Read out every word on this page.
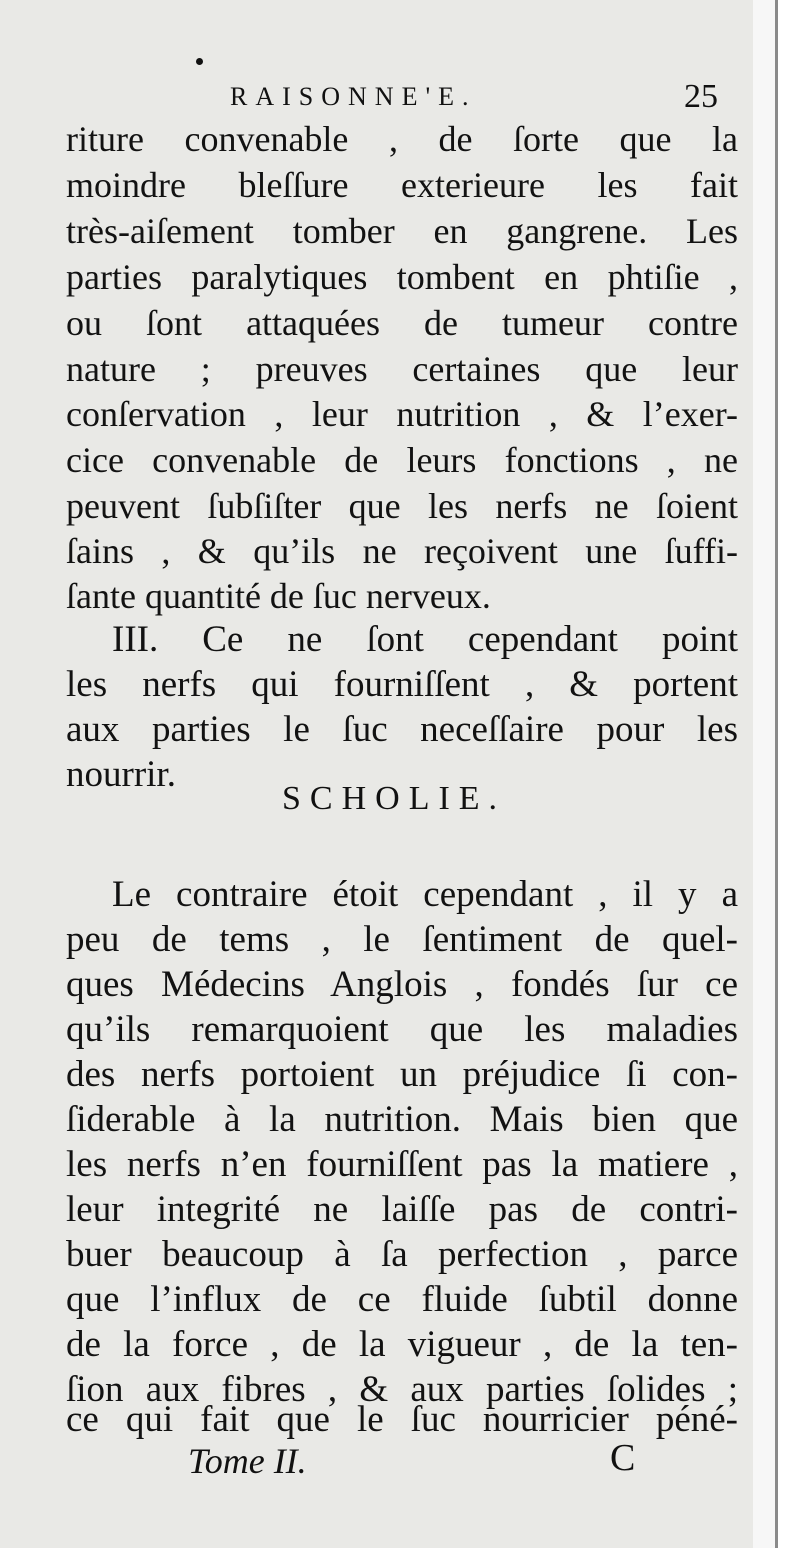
RAISONNE'E.	25
riture convenable , de ſorte que la
moindre bleſſure exterieure les fait
très-aiſement tomber en gangrene. Les
parties paralytiques tombent en phtiſie ,
ou ſont attaquées de tumeur contre
nature ; preuves certaines que leur
conſervation , leur nutrition , & l’exer-
cice convenable de leurs fonctions , ne
peuvent ſubſiſter que les nerfs ne ſoient
ſains , & qu’ils ne reçoivent une ſuffi-
ſante quantité de ſuc nerveux.
III. Ce ne ſont cependant point
les nerfs qui fourniſſent , & portent
aux parties le ſuc neceſſaire pour les
nourrir.
SCHOLIE.
Le contraire étoit cependant , il y a
peu de tems , le ſentiment de quel-
ques Médecins Anglois , fondés ſur ce
qu’ils remarquoient que les maladies
des nerfs portoient un préjudice ſi con-
ſiderable à la nutrition. Mais bien que
les nerfs n’en fourniſſent pas la matiere ,
leur integrité ne laiſſe pas de contri-
buer beaucoup à ſa perfection , parce
que l’influx de ce fluide ſubtil donne
de la force , de la vigueur , de la ten-
ſion aux fibres , & aux parties ſolides ;
ce qui fait que le ſuc nourricier péné-
Tome II.	C
